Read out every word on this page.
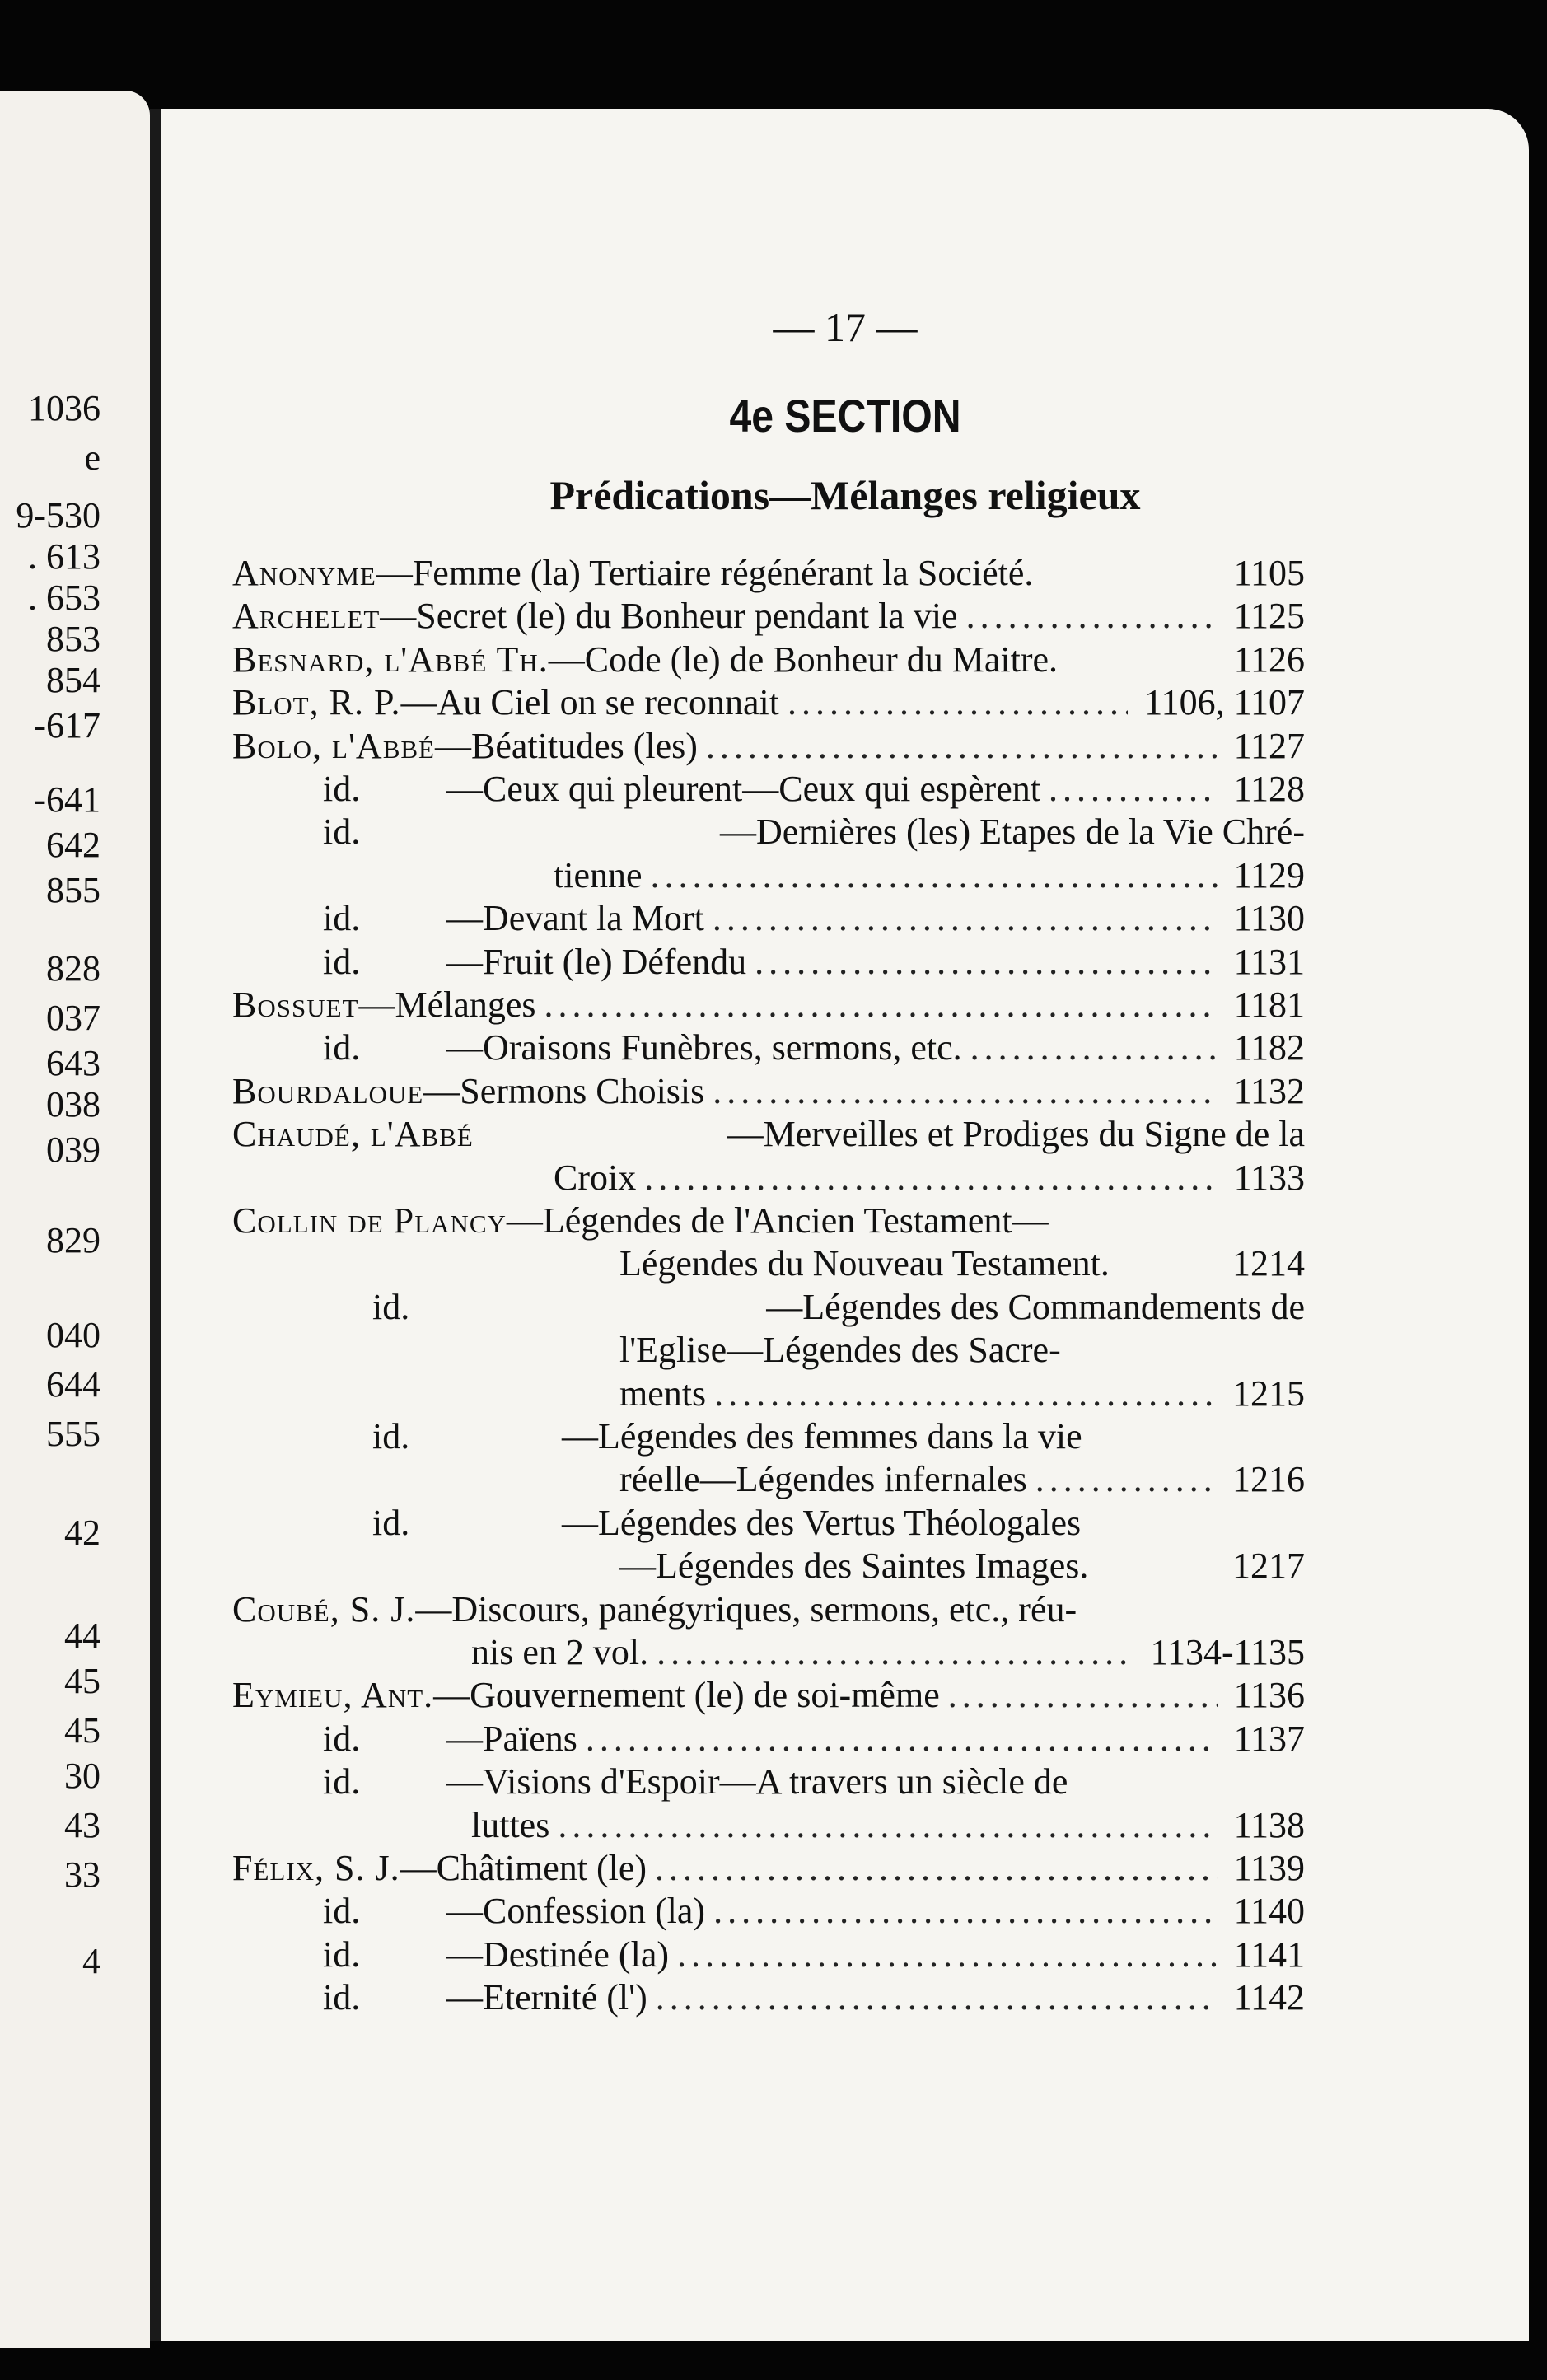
1036
e
9-530
. 613
. 653
853
854
-617
-641
642
855
828
037
643
038
039
829
040
644
555
42
44
45
45
30
43
33
4
— 17 —
4e SECTION
Prédications—Mélanges religieux
Anonyme —Femme (la) Tertiaire régénérant la Société.	1105
Archelet —Secret (le) du Bonheur pendant la vie .....	1125
Besnard, l'Abbé Th. —Code (le) de Bonheur du Maitre.	1126
Blot, R. P. —Au Ciel on se reconnait .....	1106, 1107
Bolo, l'Abbé —Béatitudes (les) .....	1127
id.	—Ceux qui pleurent—Ceux qui espèrent .....	1128
id.	—Dernières (les) Etapes de la Vie Chré-
tienne .....	1129
id.	—Devant la Mort .....	1130
id.	—Fruit (le) Défendu .....	1131
Bossuet —Mélanges .....	1181
id.	—Oraisons Funèbres, sermons, etc. .....	1182
Bourdaloue —Sermons Choisis .....	1132
Chaudé, l'Abbé	—Merveilles et Prodiges du Signe de la
Croix .....	1133
Collin de Plancy —Légendes de l'Ancien Testament—
Légendes du Nouveau Testament.	1214
id.	—Légendes des Commandements de
l'Eglise—Légendes des Sacre-
ments .....	1215
id.	—Légendes des femmes dans la vie
réelle—Légendes infernales .....	1216
id.	—Légendes des Vertus Théologales
—Légendes des Saintes Images.	1217
Coubé, S. J. —Discours, panégyriques, sermons, etc., réu-
nis en 2 vol. .....	1134-1135
Eymieu, Ant. —Gouvernement (le) de soi-même .....	1136
id.	—Païens .....	1137
id.	—Visions d'Espoir—A travers un siècle de
luttes .....	1138
Félix, S. J. —Châtiment (le) .....	1139
id.	—Confession (la) .....	1140
id.	—Destinée (la) .....	1141
id.	—Eternité (l') .....	1142
